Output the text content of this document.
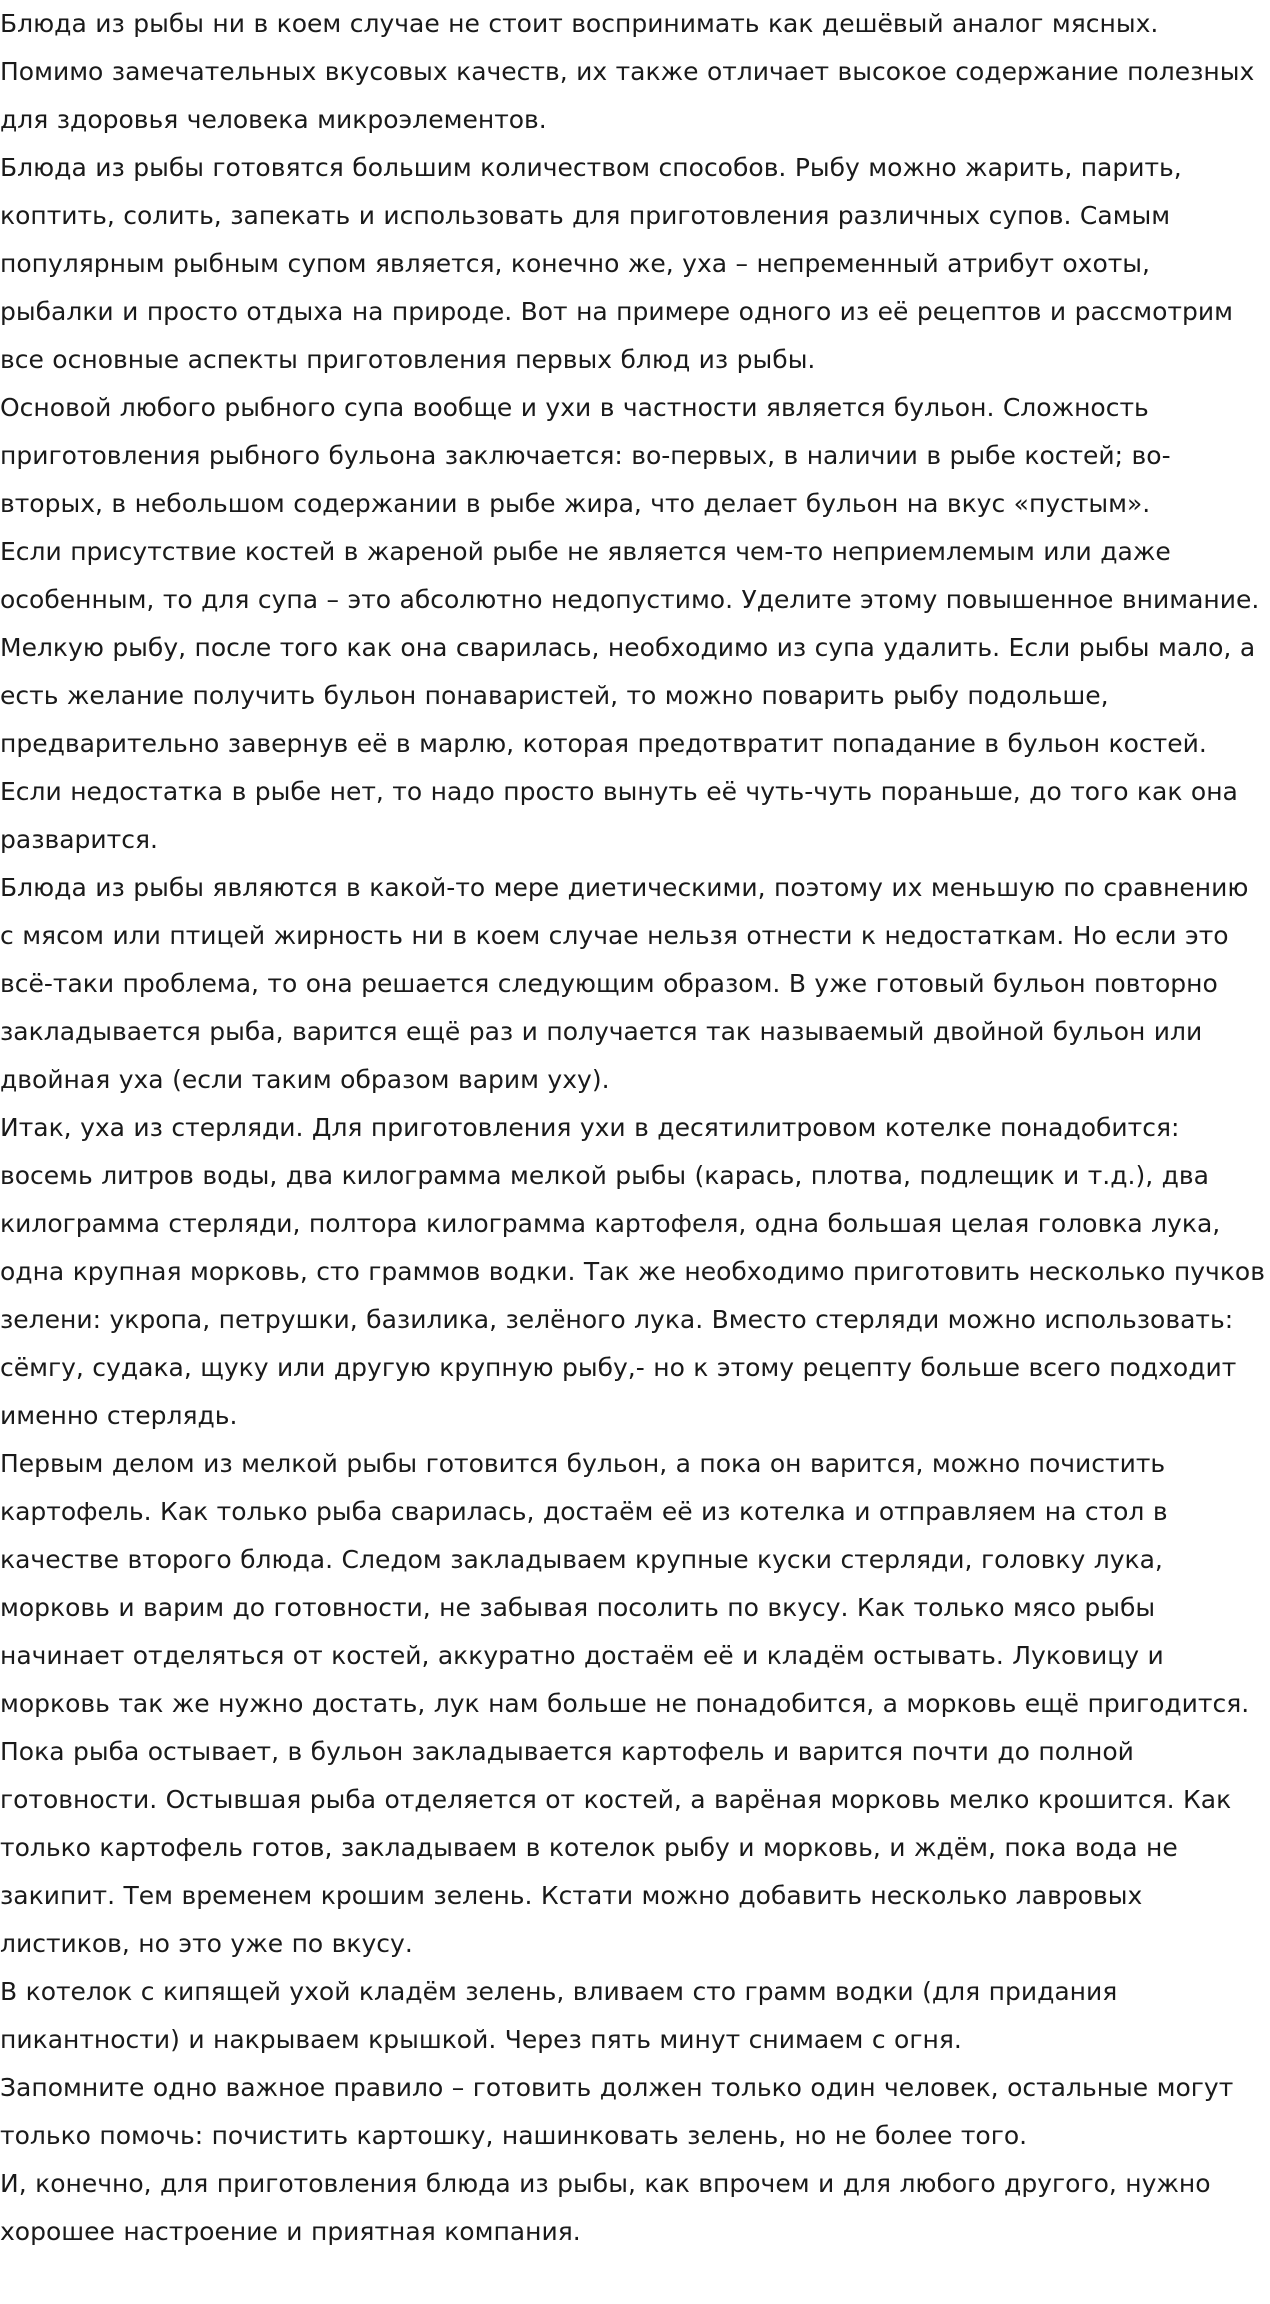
Блюда из рыбы ни в коем случае не стоит воспринимать как дешёвый аналог мясных. Помимо замечательных вкусовых качеств, их также отличает высокое содержание полезных для здоровья человека микроэлементов.

Блюда из рыбы готовятся большим количеством способов. Рыбу можно жарить, парить, коптить, солить, запекать и использовать для приготовления различных супов. Самым популярным рыбным супом является, конечно же, уха – непременный атрибут охоты, рыбалки и просто отдыха на природе. Вот на примере одного из её рецептов и рассмотрим все основные аспекты приготовления первых блюд из рыбы.

Основой любого рыбного супа вообще и ухи в частности является бульон. Сложность приготовления рыбного бульона заключается: во-первых, в наличии в рыбе костей; во-вторых, в небольшом содержании в рыбе жира, что делает бульон на вкус «пустым».

Если присутствие костей в жареной рыбе не является чем-то неприемлемым или даже особенным, то для супа – это абсолютно недопустимо. Уделите этому повышенное внимание. Мелкую рыбу, после того как она сварилась, необходимо из супа удалить. Если рыбы мало, а есть желание получить бульон понаваристей, то можно поварить рыбу подольше, предварительно завернув её в марлю, которая предотвратит попадание в бульон костей. Если недостатка в рыбе нет, то надо просто вынуть её чуть-чуть пораньше, до того как она разварится.

Блюда из рыбы являются в какой-то мере диетическими, поэтому их меньшую по сравнению с мясом или птицей жирность ни в коем случае нельзя отнести к недостаткам. Но если это всё-таки проблема, то она решается следующим образом. В уже готовый бульон повторно закладывается рыба, варится ещё раз и получается так называемый двойной бульон или двойная уха (если таким образом варим уху).

Итак, уха из стерляди. Для приготовления ухи в десятилитровом котелке понадобится: восемь литров воды, два килограмма мелкой рыбы (карась, плотва, подлещик и т.д.), два килограмма стерляди, полтора килограмма картофеля, одна большая целая головка лука, одна крупная морковь, сто граммов водки. Так же необходимо приготовить несколько пучков зелени: укропа, петрушки, базилика, зелёного лука. Вместо стерляди можно использовать: сёмгу, судака, щуку или другую крупную рыбу,- но к этому рецепту больше всего подходит именно стерлядь.

Первым делом из мелкой рыбы готовится бульон, а пока он варится, можно почистить картофель. Как только рыба сварилась, достаём её из котелка и отправляем на стол в качестве второго блюда. Следом закладываем крупные куски стерляди, головку лука, морковь и варим до готовности, не забывая посолить по вкусу. Как только мясо рыбы начинает отделяться от костей, аккуратно достаём её и кладём остывать. Луковицу и морковь так же нужно достать, лук нам больше не понадобится, а морковь ещё пригодится.

Пока рыба остывает, в бульон закладывается картофель и варится почти до полной готовности. Остывшая рыба отделяется от костей, а варёная морковь мелко крошится. Как только картофель готов, закладываем в котелок рыбу и морковь, и ждём, пока вода не закипит. Тем временем крошим зелень. Кстати можно добавить несколько лавровых листиков, но это уже по вкусу.

В котелок с кипящей ухой кладём зелень, вливаем сто грамм водки (для придания пикантности) и накрываем крышкой. Через пять минут снимаем с огня.

Запомните одно важное правило – готовить должен только один человек, остальные могут только помочь: почистить картошку, нашинковать зелень, но не более того.

И, конечно, для приготовления блюда из рыбы, как впрочем и для любого другого, нужно хорошее настроение и приятная компания.
